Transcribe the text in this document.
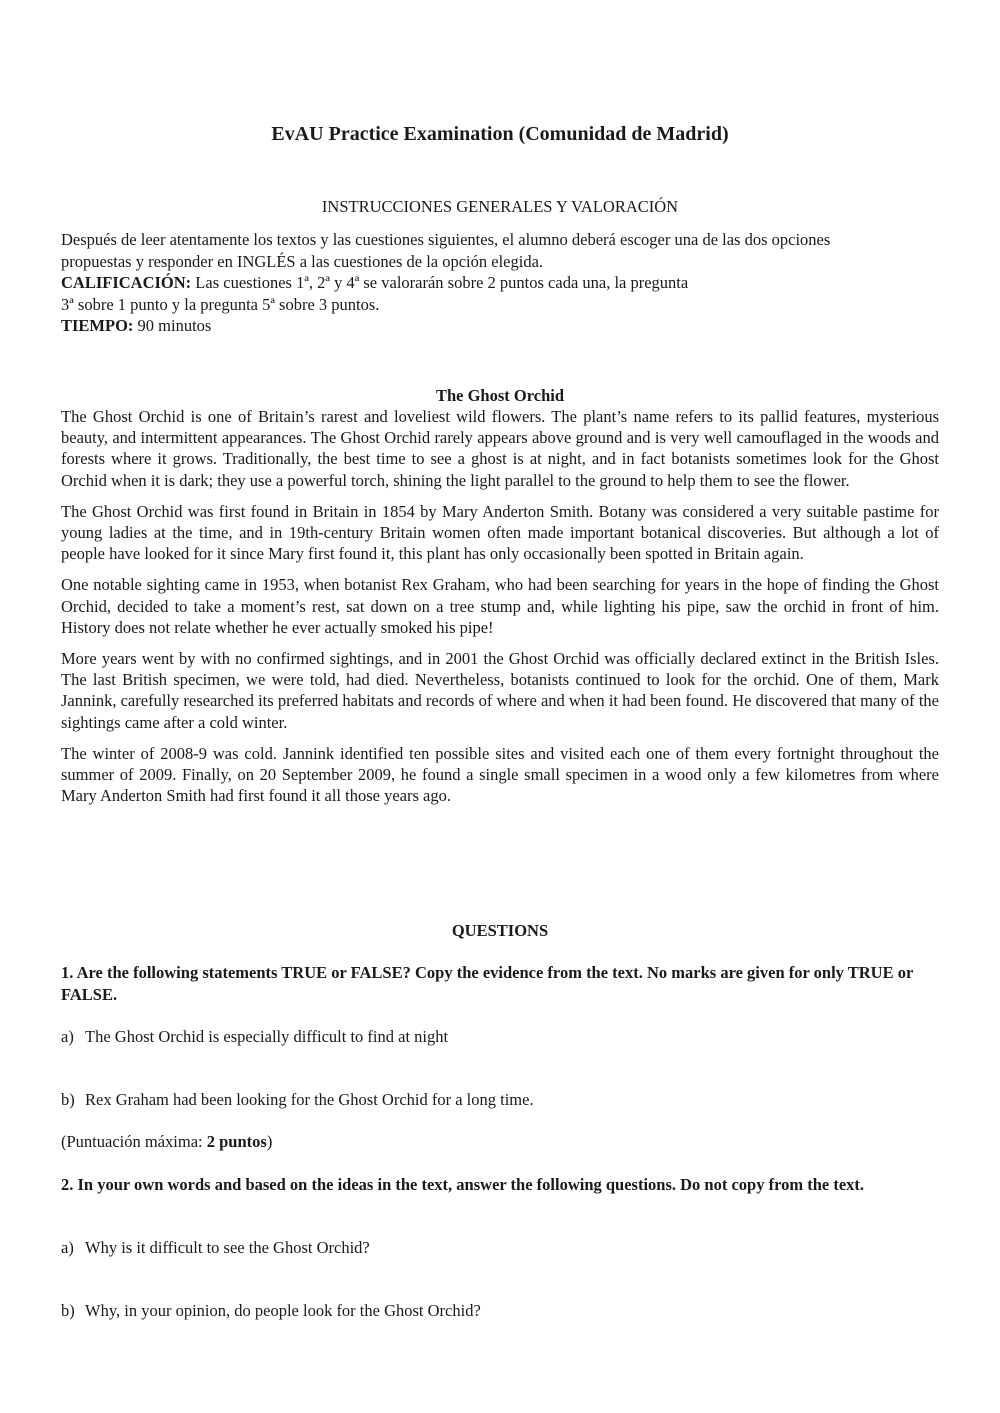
EvAU Practice Examination (Comunidad de Madrid)
INSTRUCCIONES GENERALES Y VALORACIÓN

Después de leer atentamente los textos y las cuestiones siguientes, el alumno deberá escoger una de las dos opciones

propuestas y responder en INGLÉS a las cuestiones de la opción elegida.

CALIFICACIÓN: Las cuestiones 1ª, 2ª y 4ª se valorarán sobre 2 puntos cada una, la pregunta

3ª sobre 1 punto y la pregunta 5ª sobre 3 puntos.

TIEMPO: 90 minutos

The Ghost Orchid

The Ghost Orchid is one of Britain’s rarest and loveliest wild flowers. The plant’s name refers to its pallid features, mysterious beauty, and intermittent appearances. The Ghost Orchid rarely appears above ground and is very well camouflaged in the woods and forests where it grows. Traditionally, the best time to see a ghost is at night, and in fact botanists sometimes look for the Ghost Orchid when it is dark; they use a powerful torch, shining the light parallel to the ground to help them to see the flower.

The Ghost Orchid was first found in Britain in 1854 by Mary Anderton Smith. Botany was considered a very suitable pastime for young ladies at the time, and in 19th-century Britain women often made important botanical discoveries. But although a lot of people have looked for it since Mary first found it, this plant has only occasionally been spotted in Britain again.

One notable sighting came in 1953, when botanist Rex Graham, who had been searching for years in the hope of finding the Ghost Orchid, decided to take a moment’s rest, sat down on a tree stump and, while lighting his pipe, saw the orchid in front of him. History does not relate whether he ever actually smoked his pipe!

More years went by with no confirmed sightings, and in 2001 the Ghost Orchid was officially declared extinct in the British Isles. The last British specimen, we were told, had died. Nevertheless, botanists continued to look for the orchid. One of them, Mark Jannink, carefully researched its preferred habitats and records of where and when it had been found. He discovered that many of the sightings came after a cold winter.

The winter of 2008-9 was cold. Jannink identified ten possible sites and visited each one of them every fortnight throughout the summer of 2009. Finally, on 20 September 2009, he found a single small specimen in a wood only a few kilometres from where Mary Anderton Smith had first found it all those years ago.

QUESTIONS

1. Are the following statements TRUE or FALSE? Copy the evidence from the text. No marks are given for only TRUE or FALSE.

a) The Ghost Orchid is especially difficult to find at night

b) Rex Graham had been looking for the Ghost Orchid for a long time.

(Puntuación máxima: 2 puntos)

2. In your own words and based on the ideas in the text, answer the following questions. Do not copy from the text.

a) Why is it difficult to see the Ghost Orchid?

b) Why, in your opinion, do people look for the Ghost Orchid?
